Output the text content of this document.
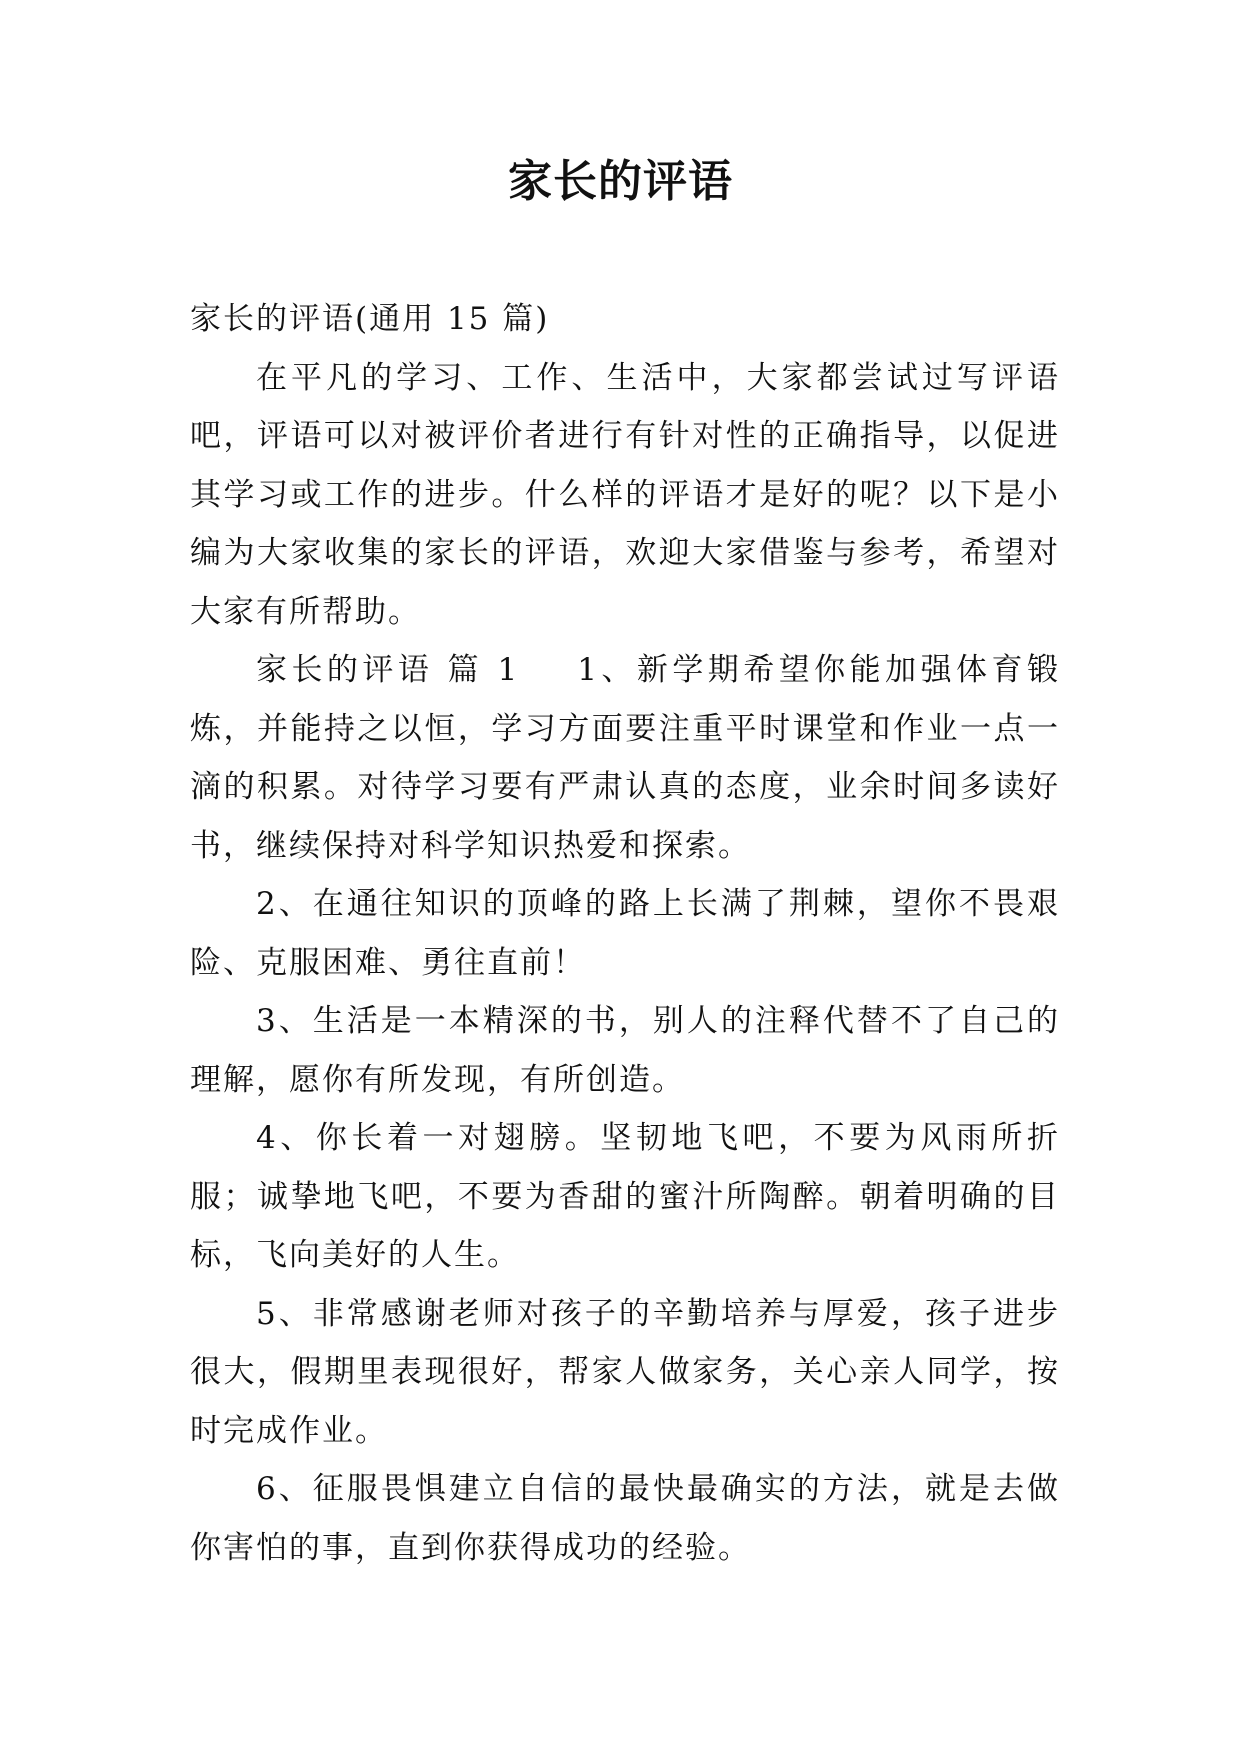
家长的评语

家长的评语(通用 15 篇)

在平凡的学习、工作、生活中，大家都尝试过写评语吧，评语可以对被评价者进行有针对性的正确指导，以促进其学习或工作的进步。什么样的评语才是好的呢？以下是小编为大家收集的家长的评语，欢迎大家借鉴与参考，希望对大家有所帮助。

家长的评语 篇 1 1、新学期希望你能加强体育锻炼，并能持之以恒，学习方面要注重平时课堂和作业一点一滴的积累。对待学习要有严肃认真的态度，业余时间多读好书，继续保持对科学知识热爱和探索。

2、在通往知识的顶峰的路上长满了荆棘，望你不畏艰险、克服困难、勇往直前！

3、生活是一本精深的书，别人的注释代替不了自己的理解，愿你有所发现，有所创造。

4、你长着一对翅膀。坚韧地飞吧，不要为风雨所折服；诚挚地飞吧，不要为香甜的蜜汁所陶醉。朝着明确的目标，飞向美好的人生。

5、非常感谢老师对孩子的辛勤培养与厚爱，孩子进步很大，假期里表现很好，帮家人做家务，关心亲人同学，按时完成作业。

6、征服畏惧建立自信的最快最确实的方法，就是去做你害怕的事，直到你获得成功的经验。
